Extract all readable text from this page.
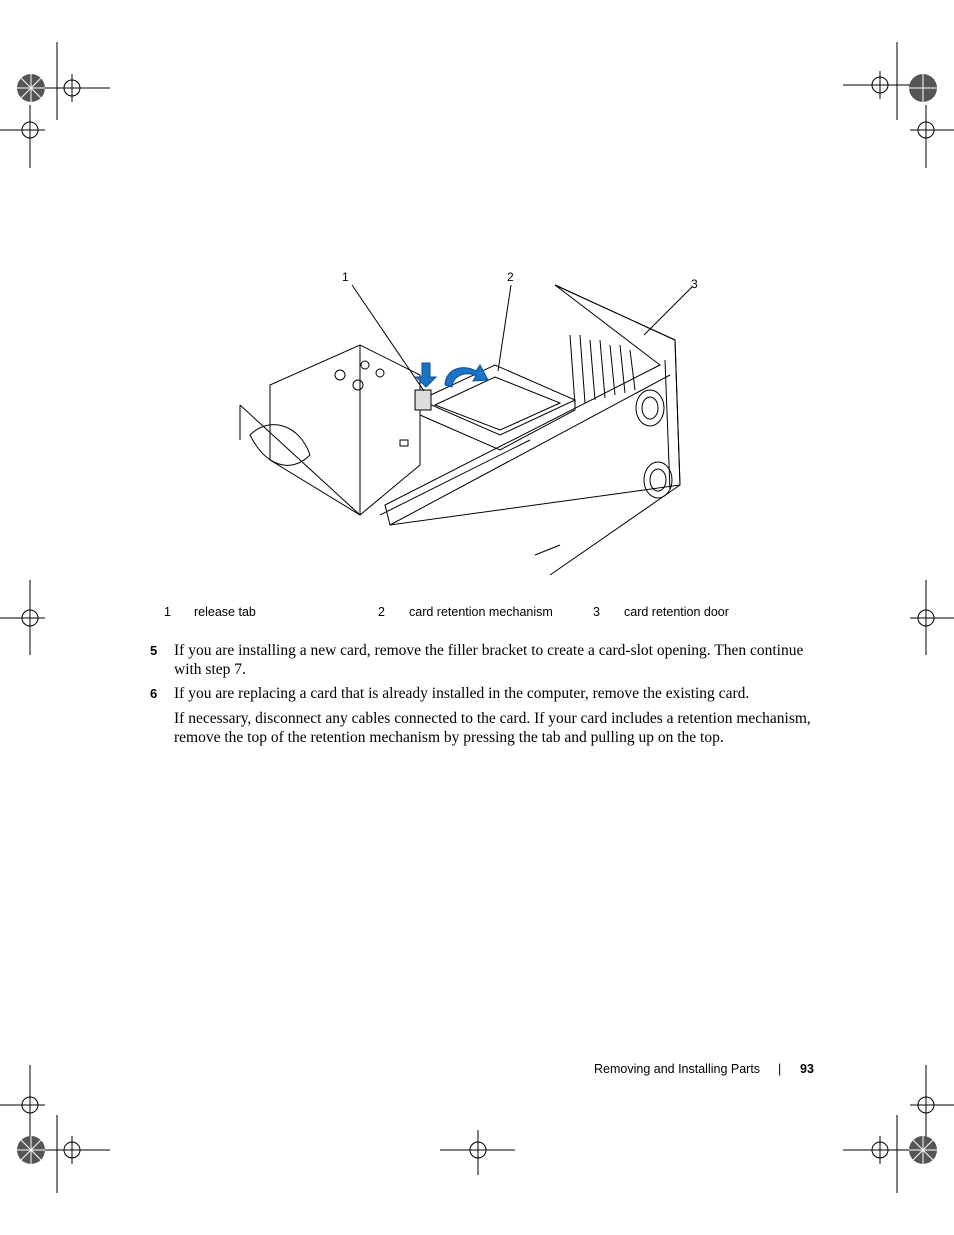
1	2	3
1 release tab	2 card retention mechanism	3 card retention door
5 If you are installing a new card, remove the filler bracket to create a card-slot opening. Then continue with step 7.
6 If you are replacing a card that is already installed in the computer, remove the existing card.
If necessary, disconnect any cables connected to the card. If your card includes a retention mechanism, remove the top of the retention mechanism by pressing the tab and pulling up on the top.
Removing and Installing Parts | 93
